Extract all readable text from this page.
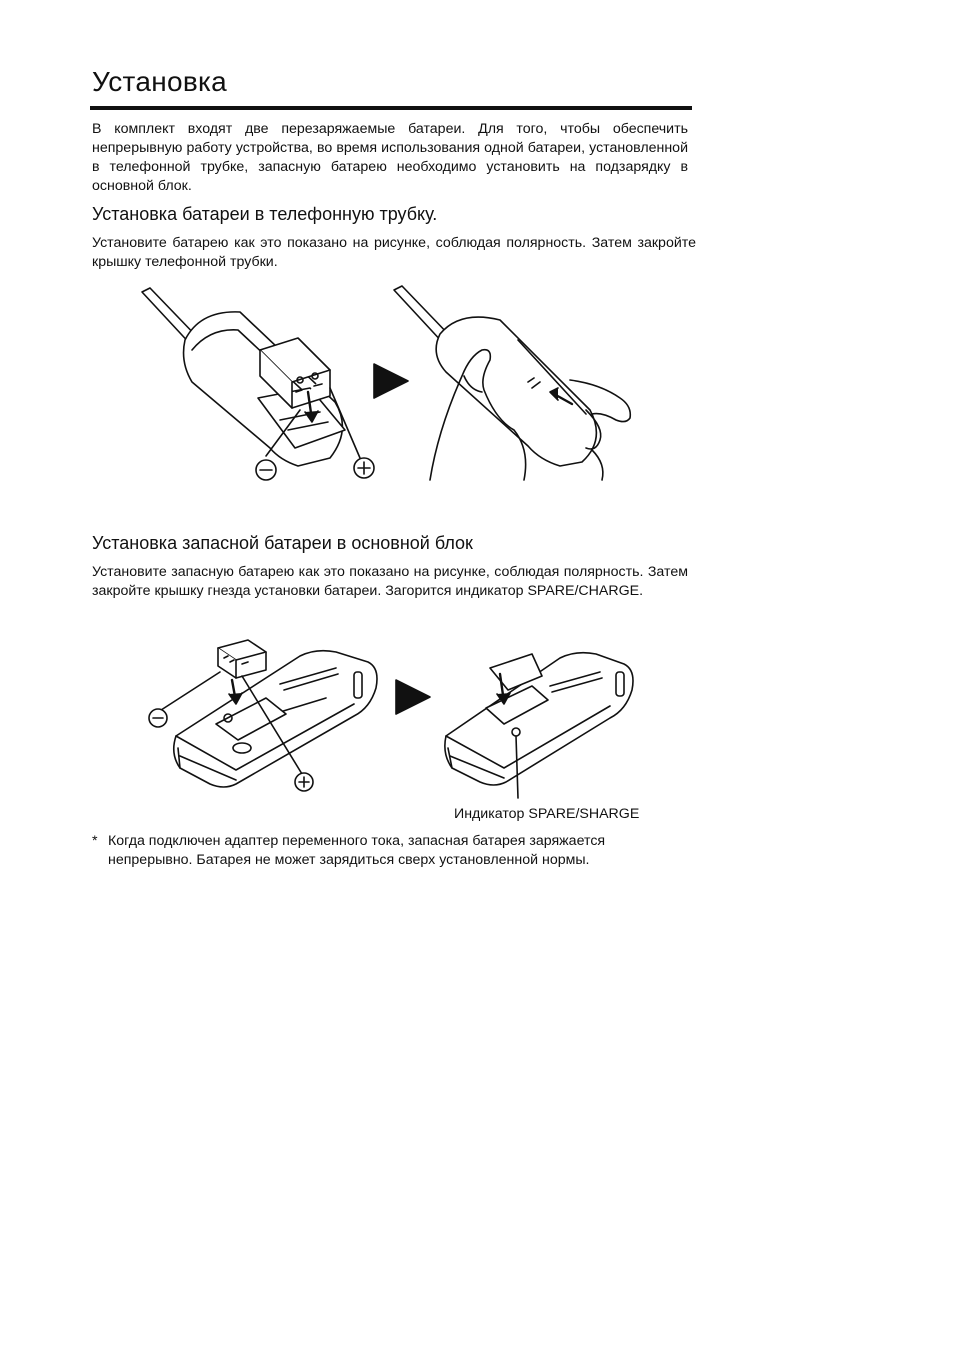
Установка

В комплект входят две перезаряжаемые батареи. Для того, чтобы обеспечить непрерывную работу устройства, во время использования одной батареи, установленной в телефонной трубке, запасную батарею необходимо установить на подзарядку в основной блок.

Установка батареи в телефонную трубку.

Установите батарею как это показано на рисунке, соблюдая полярность. Затем закройте крышку телефонной трубки.

Установка запасной батареи в основной блок

Установите запасную батарею как это показано на рисунке, соблюдая полярность. Затем закройте крышку гнезда установки батареи. Загорится индикатор SPARE/CHARGE.

Индикатор SPARE/SHARGE

* Когда подключен адаптер переменного тока, запасная батарея заряжается непрерывно. Батарея не может зарядиться сверх установленной нормы.
